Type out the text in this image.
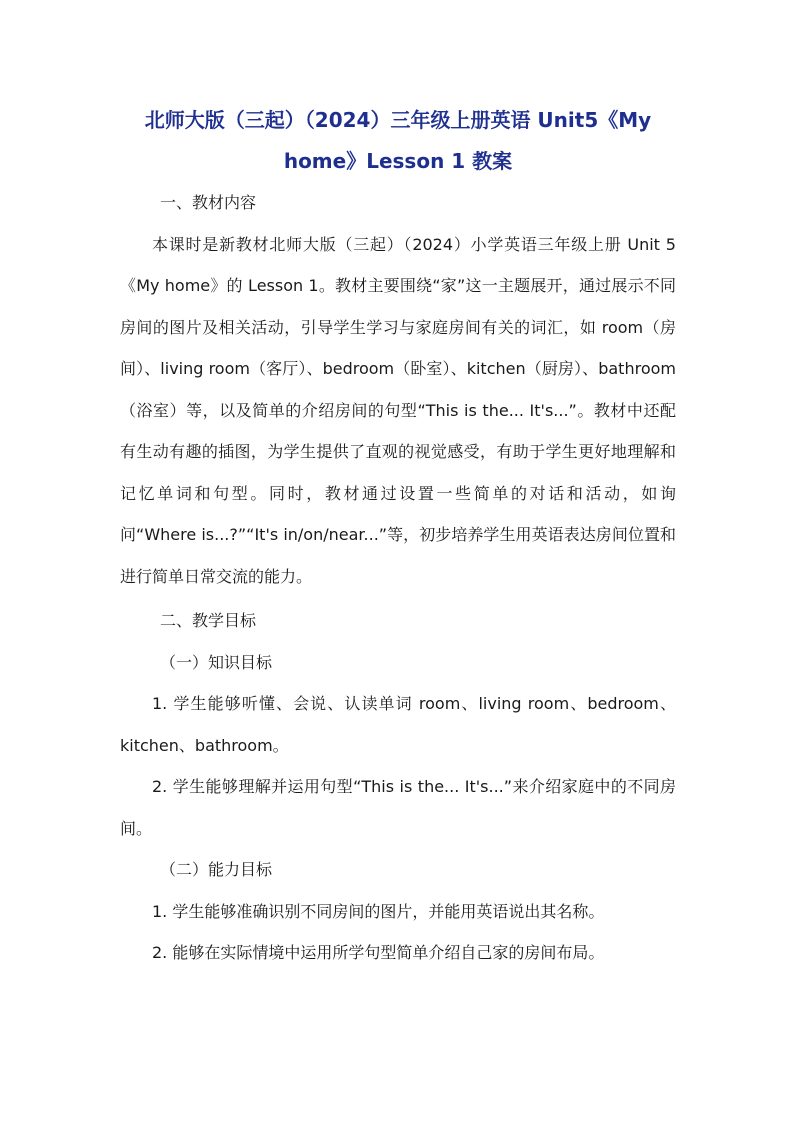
北师大版（三起）（2024）三年级上册英语 Unit5《My home》Lesson 1 教案

一、教材内容

本课时是新教材北师大版（三起）（2024）小学英语三年级上册 Unit 5《My home》的 Lesson 1。教材主要围绕“家”这一主题展开，通过展示不同房间的图片及相关活动，引导学生学习与家庭房间有关的词汇，如 room（房间）、living room（客厅）、bedroom（卧室）、kitchen（厨房）、bathroom（浴室）等，以及简单的介绍房间的句型“This is the... It's...”。教材中还配有生动有趣的插图，为学生提供了直观的视觉感受，有助于学生更好地理解和记忆单词和句型。同时，教材通过设置一些简单的对话和活动，如询问“Where is...?”“It's in/on/near...”等，初步培养学生用英语表达房间位置和进行简单日常交流的能力。

二、教学目标

（一）知识目标

1. 学生能够听懂、会说、认读单词 room、living room、bedroom、kitchen、bathroom。

2. 学生能够理解并运用句型“This is the... It's...”来介绍家庭中的不同房间。

（二）能力目标

1. 学生能够准确识别不同房间的图片，并能用英语说出其名称。

2. 能够在实际情境中运用所学句型简单介绍自己家的房间布局。
